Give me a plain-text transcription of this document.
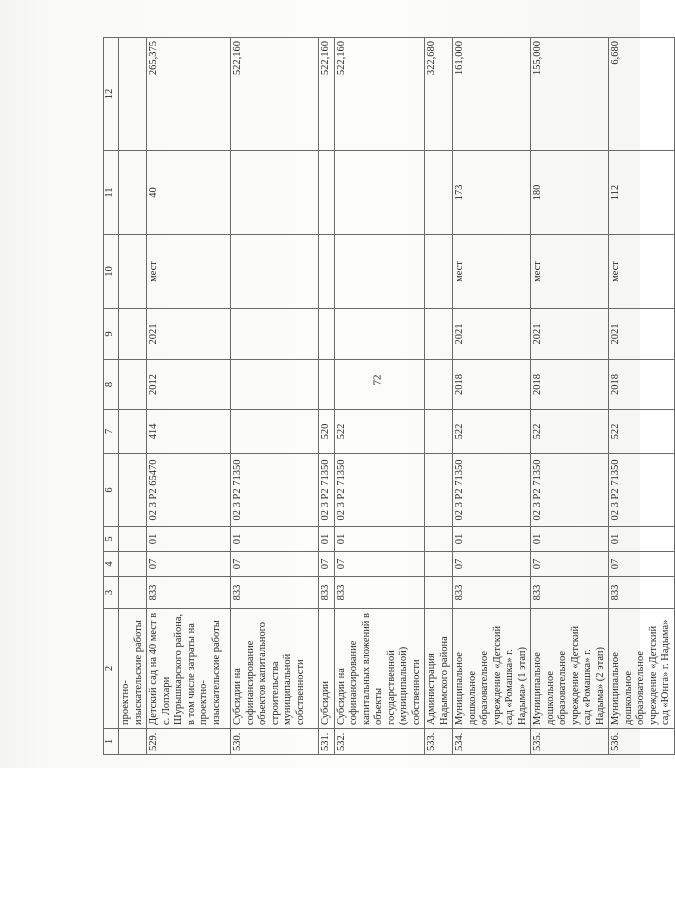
72
1	2	3	4	5	6	7	8	9	10	11	12
	проектно-изыскательские работы										
529.	Детский сад на 40 мест в с. Лопхари Шурышкарского района, в том числе затраты на проектно-изыскательские работы	833	07	01	02 3 Р2 65470	414	2012	2021	мест	40	265,375
530.	Субсидии на софинансирование объектов капитального строительства муниципальной собственности	833	07	01	02 3 Р2 71350						522,160
531.	Субсидии	833	07	01	02 3 Р2 71350	520					522,160
532.	Субсидии на софинансирование капитальных вложений в объекты государственной (муниципальной) собственности	833	07	01	02 3 Р2 71350	522					522,160
533.	Администрация Надымского района										322,680
534.	Муниципальное дошкольное образовательное учреждение «Детский сад «Ромашка» г. Надыма» (1 этап)	833	07	01	02 3 Р2 71350	522	2018	2021	мест	173	161,000
535.	Муниципальное дошкольное образовательное учреждение «Детский сад «Ромашка» г. Надыма» (2 этап)	833	07	01	02 3 Р2 71350	522	2018	2021	мест	180	155,000
536.	Муниципальное дошкольное образовательное учреждение «Детский сад «Юнга» г. Надыма»	833	07	01	02 3 Р2 71350	522	2018	2021	мест	112	6,680
